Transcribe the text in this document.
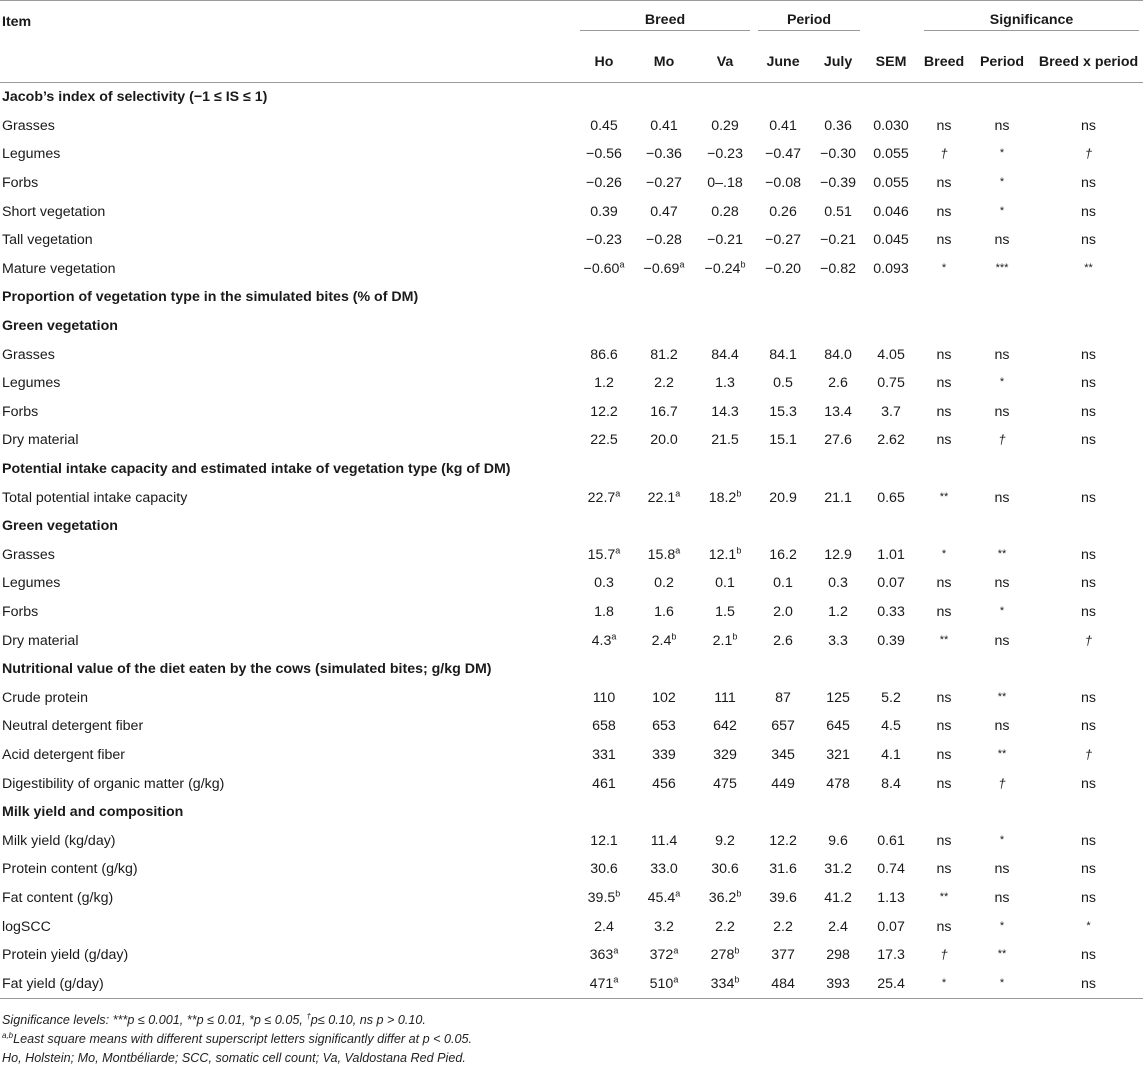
Item	Breed			Period			Significance		

	Ho	Mo	Va	June	July	SEM	Breed	Period	Breed x period
Jacob’s index of selectivity (−1 ≤ IS ≤ 1)									
Grasses	0.45	0.41	0.29	0.41	0.36	0.030	ns	ns	ns
Legumes	−0.56	−0.36	−0.23	−0.47	−0.30	0.055	†	*	†
Forbs	−0.26	−0.27	0–.18	−0.08	−0.39	0.055	ns	*	ns
Short vegetation	0.39	0.47	0.28	0.26	0.51	0.046	ns	*	ns
Tall vegetation	−0.23	−0.28	−0.21	−0.27	−0.21	0.045	ns	ns	ns
Mature vegetation	−0.60$^a$	−0.69$^a$	−0.24$^b$	−0.20	−0.82	0.093	*	***	**
Proportion of vegetation type in the simulated bites (% of DM)									
Green vegetation									
Grasses	86.6	81.2	84.4	84.1	84.0	4.05	ns	ns	ns
Legumes	1.2	2.2	1.3	0.5	2.6	0.75	ns	*	ns
Forbs	12.2	16.7	14.3	15.3	13.4	3.7	ns	ns	ns
Dry material	22.5	20.0	21.5	15.1	27.6	2.62	ns	†	ns
Potential intake capacity and estimated intake of vegetation type (kg of DM)									
Total potential intake capacity	22.7$^a$	22.1$^a$	18.2$^b$	20.9	21.1	0.65	**	ns	ns
Green vegetation									
Grasses	15.7$^a$	15.8$^a$	12.1$^b$	16.2	12.9	1.01	*	**	ns
Legumes	0.3	0.2	0.1	0.1	0.3	0.07	ns	ns	ns
Forbs	1.8	1.6	1.5	2.0	1.2	0.33	ns	*	ns
Dry material	4.3$^a$	2.4$^b$	2.1$^b$	2.6	3.3	0.39	**	ns	†
Nutritional value of the diet eaten by the cows (simulated bites; g/kg DM)									
Crude protein	110	102	111	87	125	5.2	ns	**	ns
Neutral detergent fiber	658	653	642	657	645	4.5	ns	ns	ns
Acid detergent fiber	331	339	329	345	321	4.1	ns	**	†
Digestibility of organic matter (g/kg)	461	456	475	449	478	8.4	ns	†	ns
Milk yield and composition									
Milk yield (kg/day)	12.1	11.4	9.2	12.2	9.6	0.61	ns	*	ns
Protein content (g/kg)	30.6	33.0	30.6	31.6	31.2	0.74	ns	ns	ns
Fat content (g/kg)	39.5$^b$	45.4$^a$	36.2$^b$	39.6	41.2	1.13	**	ns	ns
logSCC	2.4	3.2	2.2	2.2	2.4	0.07	ns	*	*
Protein yield (g/day)	363$^a$	372$^a$	278$^b$	377	298	17.3	†	**	ns
Fat yield (g/day)	471$^a$	510$^a$	334$^b$	484	393	25.4	*	*	ns
Significance levels: ***p ≤ 0.001, **p ≤ 0.01, *p ≤ 0.05, †p≤ 0.10, ns p > 0.10.
$^{a,b}$Least square means with different superscript letters significantly differ at p < 0.05.
Ho, Holstein; Mo, Montbéliarde; SCC, somatic cell count; Va, Valdostana Red Pied.
